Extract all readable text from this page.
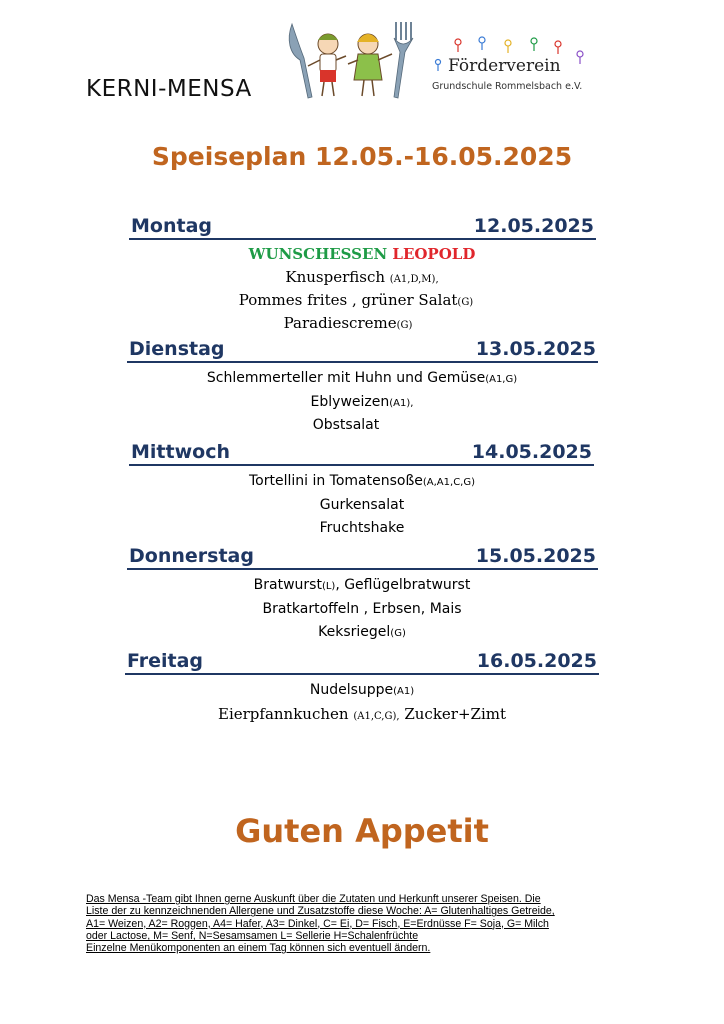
KERNI-MENSA
Förderverein
Grundschule Rommelsbach e.V.
Speiseplan 12.05.-16.05.2025
Montag	12.05.2025
WUNSCHESSEN LEOPOLD
Knusperfisch (A1,D,M),
Pommes frites , grüner Salat(G)
Paradiescreme(G)
Dienstag	13.05.2025
Schlemmerteller mit Huhn und Gemüse(A1,G)
Eblyweizen(A1),
Obstsalat
Mittwoch	14.05.2025
Tortellini in Tomatensoße(A,A1,C,G)
Gurkensalat
Fruchtshake
Donnerstag	15.05.2025
Bratwurst(L), Geflügelbratwurst
Bratkartoffeln , Erbsen, Mais
Keksriegel(G)
Freitag	16.05.2025
Nudelsuppe(A1)
Eierpfannkuchen (A1,C,G), Zucker+Zimt
Guten Appetit

Das Mensa -Team gibt Ihnen gerne Auskunft über die Zutaten und Herkunft unserer Speisen. Die

Liste der zu kennzeichnenden Allergene und Zusatzstoffe diese Woche: A= Glutenhaltiges Getreide,

A1= Weizen, A2= Roggen, A4= Hafer, A3= Dinkel, C= Ei, D= Fisch, E=Erdnüsse F= Soja, G= Milch

oder Lactose, M= Senf, N=Sesamsamen L= Sellerie H=Schalenfrüchte

Einzelne Menükomponenten an einem Tag können sich eventuell ändern.
